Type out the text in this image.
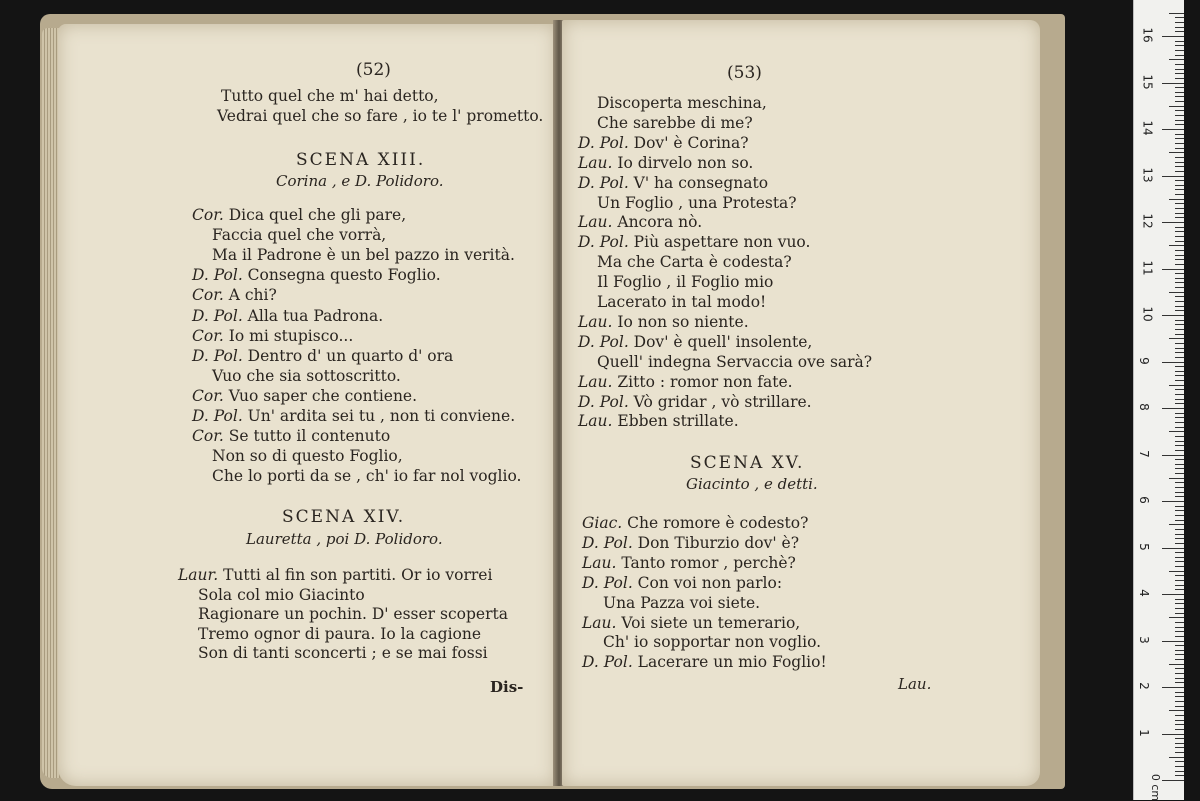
(52)
Tutto quel che m' hai detto,
Vedrai quel che so fare , io te l' prometto.
SCENA XIII.
Corina , e D. Polidoro.
Cor. Dica quel che gli pare,
Faccia quel che vorrà,
Ma il Padrone è un bel pazzo in verità.
D. Pol. Consegna questo Foglio.
Cor. A chi?
D. Pol. Alla tua Padrona.
Cor. Io mi stupisco...
D. Pol. Dentro d' un quarto d' ora
Vuo che sia sottoscritto.
Cor. Vuo saper che contiene.
D. Pol. Un' ardita sei tu , non ti conviene.
Cor. Se tutto il contenuto
Non so di questo Foglio,
Che lo porti da se , ch' io far nol voglio.
SCENA XIV.
Lauretta , poi D. Polidoro.
Laur. Tutti al fin son partiti. Or io vorrei
Sola col mio Giacinto
Ragionare un pochin. D' esser scoperta
Tremo ognor di paura. Io la cagione
Son di tanti sconcerti ; e se mai fossi
Dis-
(53)
Discoperta meschina,
Che sarebbe di me?
D. Pol. Dov' è Corina?
Lau. Io dirvelo non so.
D. Pol. V' ha consegnato
Un Foglio , una Protesta?
Lau. Ancora nò.
D. Pol. Più aspettare non vuo.
Ma che Carta è codesta?
Il Foglio , il Foglio mio
Lacerato in tal modo!
Lau. Io non so niente.
D. Pol. Dov' è quell' insolente,
Quell' indegna Servaccia ove sarà?
Lau. Zitto : romor non fate.
D. Pol. Vò gridar , vò strillare.
Lau. Ebben strillate.
SCENA XV.
Giacinto , e detti.
Giac. Che romore è codesto?
D. Pol. Don Tiburzio dov' è?
Lau. Tanto romor , perchè?
D. Pol. Con voi non parlo:
Una Pazza voi siete.
Lau. Voi siete un temerario,
Ch' io sopportar non voglio.
D. Pol. Lacerare un mio Foglio!
Lau.
1
2
3
4
5
6
7
8
9
10
11
12
13
14
15
16
0 cm
